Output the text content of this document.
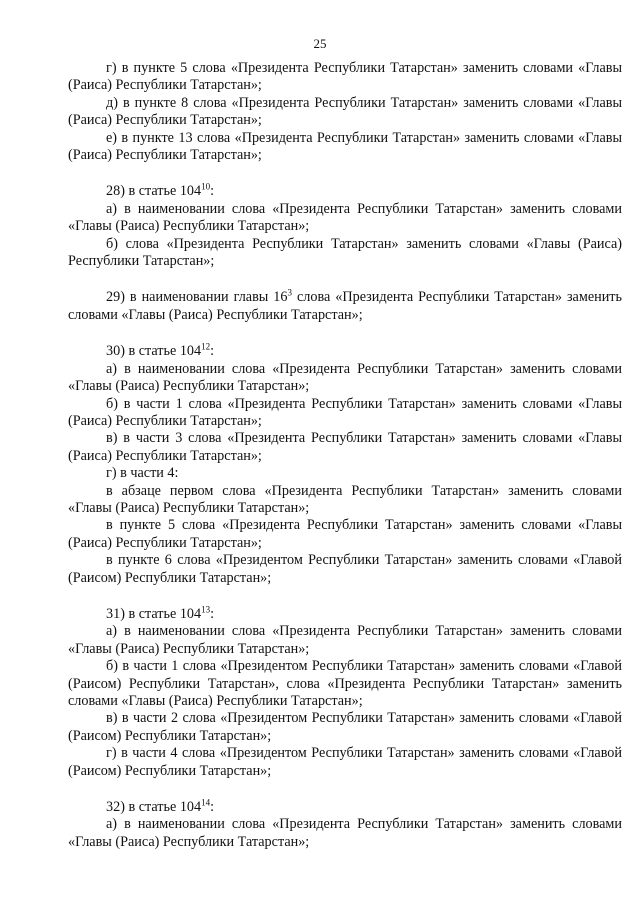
25

г) в пункте 5 слова «Президента Республики Татарстан» заменить словами «Главы (Раиса) Республики Татарстан»;

д) в пункте 8 слова «Президента Республики Татарстан» заменить словами «Главы (Раиса) Республики Татарстан»;

е) в пункте 13 слова «Президента Республики Татарстан» заменить словами «Главы (Раиса) Республики Татарстан»;

28) в статье $104^{10}$:

а) в наименовании слова «Президента Республики Татарстан» заменить словами «Главы (Раиса) Республики Татарстан»;

б) слова «Президента Республики Татарстан» заменить словами «Главы (Раиса) Республики Татарстан»;

29) в наименовании главы $16^3$ слова «Президента Республики Татарстан» заменить словами «Главы (Раиса) Республики Татарстан»;

30) в статье $104^{12}$:

а) в наименовании слова «Президента Республики Татарстан» заменить словами «Главы (Раиса) Республики Татарстан»;

б) в части 1 слова «Президента Республики Татарстан» заменить словами «Главы (Раиса) Республики Татарстан»;

в) в части 3 слова «Президента Республики Татарстан» заменить словами «Главы (Раиса) Республики Татарстан»;

г) в части 4:

в абзаце первом слова «Президента Республики Татарстан» заменить словами «Главы (Раиса) Республики Татарстан»;

в пункте 5 слова «Президента Республики Татарстан» заменить словами «Главы (Раиса) Республики Татарстан»;

в пункте 6 слова «Президентом Республики Татарстан» заменить словами «Главой (Раисом) Республики Татарстан»;

31) в статье $104^{13}$:

а) в наименовании слова «Президента Республики Татарстан» заменить словами «Главы (Раиса) Республики Татарстан»;

б) в части 1 слова «Президентом Республики Татарстан» заменить словами «Главой (Раисом) Республики Татарстан», слова «Президента Республики Татарстан» заменить словами «Главы (Раиса) Республики Татарстан»;

в) в части 2 слова «Президентом Республики Татарстан» заменить словами «Главой (Раисом) Республики Татарстан»;

г) в части 4 слова «Президентом Республики Татарстан» заменить словами «Главой (Раисом) Республики Татарстан»;

32) в статье $104^{14}$:

а) в наименовании слова «Президента Республики Татарстан» заменить словами «Главы (Раиса) Республики Татарстан»;
